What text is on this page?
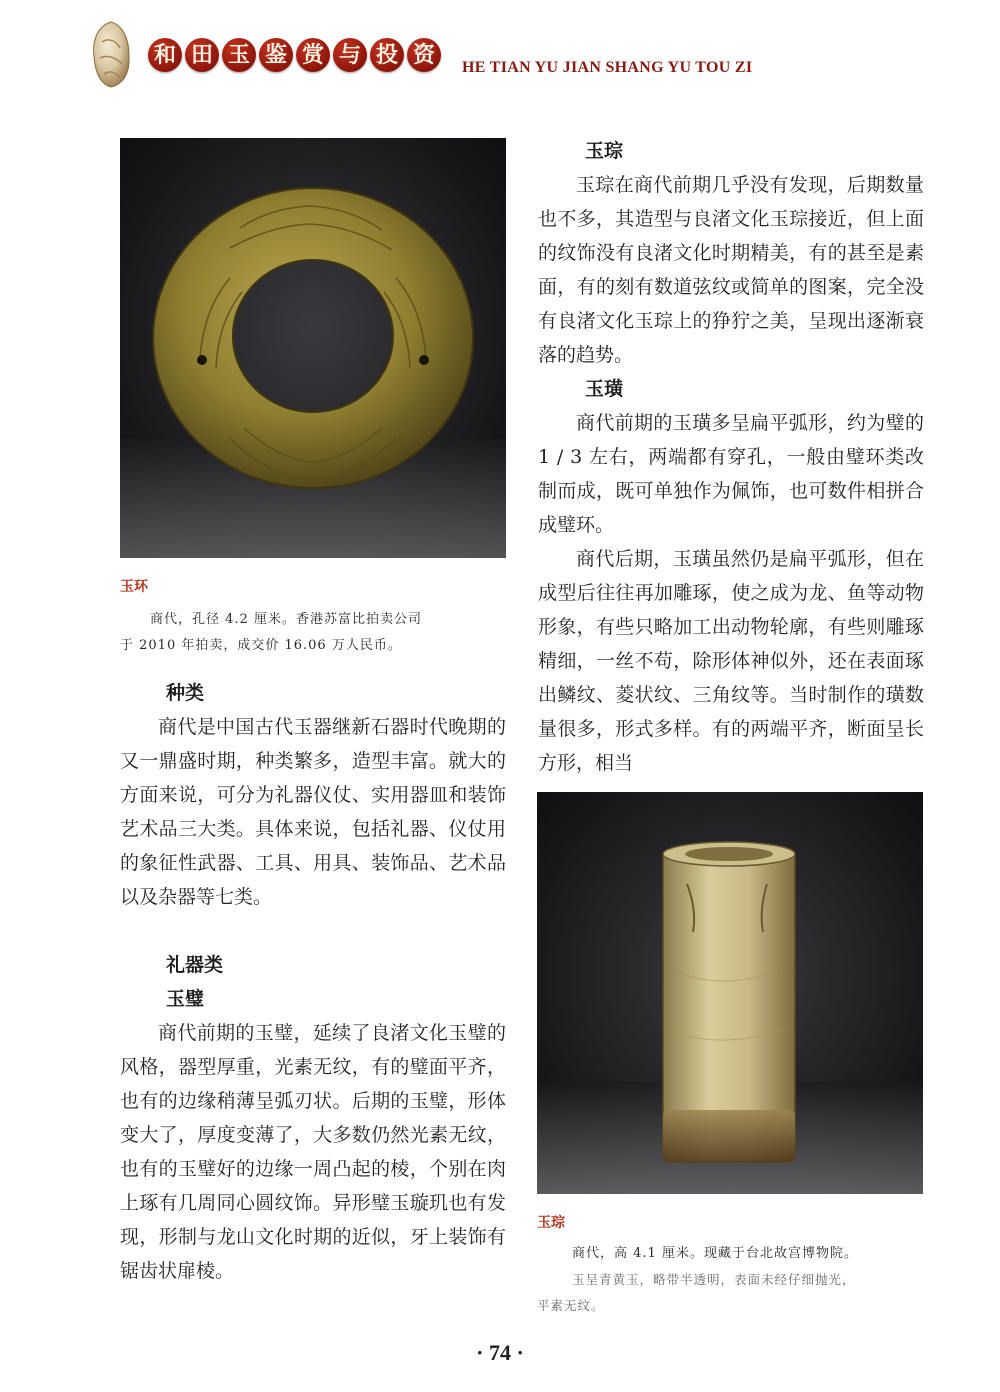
和 田 玉 鉴 赏 与 投 资	HE TIAN YU JIAN SHANG YU TOU ZI
玉环
商代，孔径 4.2 厘米。香港苏富比拍卖公司
于 2010 年拍卖，成交价 16.06 万人民币。
种类

商代是中国古代玉器继新石器时代晚期的又一鼎盛时期，种类繁多，造型丰富。就大的方面来说，可分为礼器仪仗、实用器皿和装饰艺术品三大类。具体来说，包括礼器、仪仗用的象征性武器、工具、用具、装饰品、艺术品以及杂器等七类。

礼器类
玉璧

商代前期的玉璧，延续了良渚文化玉璧的风格，器型厚重，光素无纹，有的璧面平齐，也有的边缘稍薄呈弧刃状。后期的玉璧，形体变大了，厚度变薄了，大多数仍然光素无纹，也有的玉璧好的边缘一周凸起的棱，个别在肉上琢有几周同心圆纹饰。异形璧玉璇玑也有发现，形制与龙山文化时期的近似，牙上装饰有锯齿状扉棱。

玉琮

玉琮在商代前期几乎没有发现，后期数量也不多，其造型与良渚文化玉琮接近，但上面的纹饰没有良渚文化时期精美，有的甚至是素面，有的刻有数道弦纹或简单的图案，完全没有良渚文化玉琮上的狰狞之美，呈现出逐渐衰落的趋势。

玉璜

商代前期的玉璜多呈扁平弧形，约为璧的 1 / 3 左右，两端都有穿孔，一般由璧环类改制而成，既可单独作为佩饰，也可数件相拼合成璧环。

商代后期，玉璜虽然仍是扁平弧形，但在成型后往往再加雕琢，使之成为龙、鱼等动物形象，有些只略加工出动物轮廓，有些则雕琢精细，一丝不苟，除形体神似外，还在表面琢出鳞纹、菱状纹、三角纹等。当时制作的璜数量很多，形式多样。有的两端平齐，断面呈长方形，相当

玉琮
商代，高 4.1 厘米。现藏于台北故宫博物院。
玉呈青黄玉，略带半透明，表面未经仔细抛光，
平素无纹。
· 74 ·
